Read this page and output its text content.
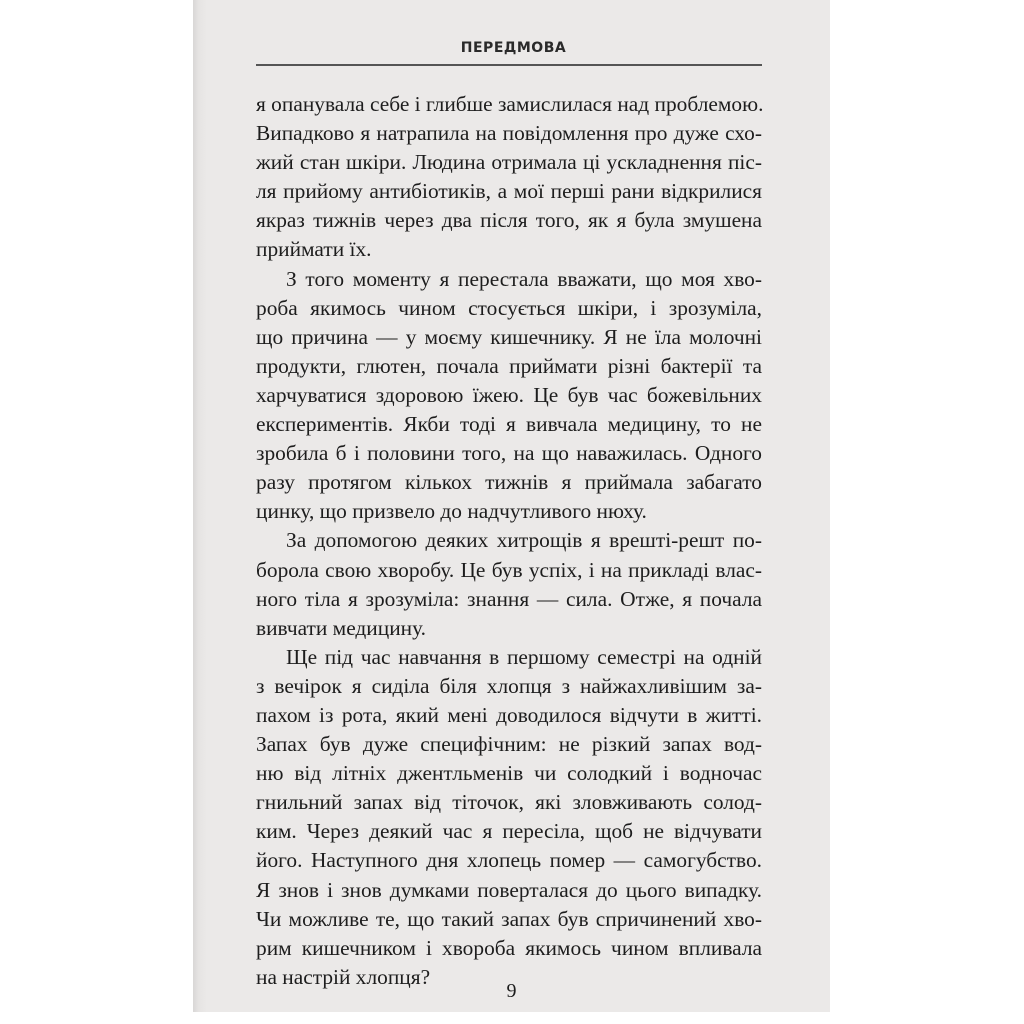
ПЕРЕДМОВА
я опанувала себе і глибше замислилася над проблемою.
Випадково я натрапила на повідомлення про дуже схо-
жий стан шкіри. Людина отримала ці ускладнення піс-
ля прийому антибіотиків, а мої перші рани відкрилися
якраз тижнів через два після того, як я була змушена
приймати їх.
З того моменту я перестала вважати, що моя хво-
роба якимось чином стосується шкіри, і зрозуміла,
що причина — у моєму кишечнику. Я не їла молочні
продукти, глютен, почала приймати різні бактерії та
харчуватися здоровою їжею. Це був час божевільних
експериментів. Якби тоді я вивчала медицину, то не
зробила б і половини того, на що наважилась. Одного
разу протягом кількох тижнів я приймала забагато
цинку, що призвело до надчутливого нюху.
За допомогою деяких хитрощів я врешті-решт по-
борола свою хворобу. Це був успіх, і на прикладі влас-
ного тіла я зрозуміла: знання — сила. Отже, я почала
вивчати медицину.
Ще під час навчання в першому семестрі на одній
з вечірок я сиділа біля хлопця з найжахливішим за-
пахом із рота, який мені доводилося відчути в житті.
Запах був дуже специфічним: не різкий запах вод-
ню від літніх джентльменів чи солодкий і водночас
гнильний запах від тіточок, які зловживають солод-
ким. Через деякий час я пересіла, щоб не відчувати
його. Наступного дня хлопець помер — самогубство.
Я знов і знов думками поверталася до цього випадку.
Чи можливе те, що такий запах був спричинений хво-
рим кишечником і хвороба якимось чином впливала
на настрій хлопця?
9
